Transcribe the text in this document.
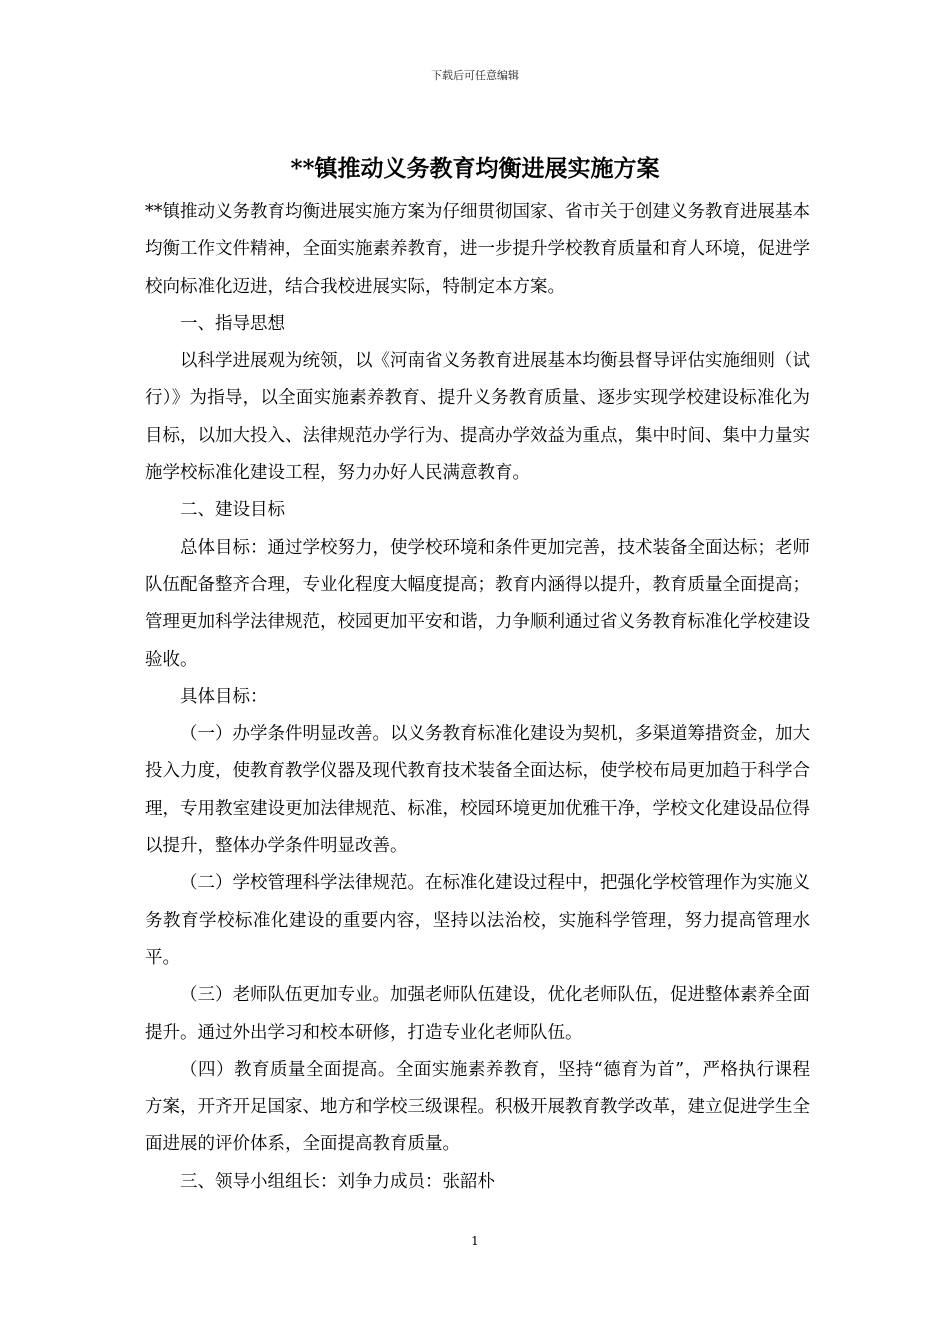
下载后可任意编辑
**镇推动义务教育均衡进展实施方案

**镇推动义务教育均衡进展实施方案为仔细贯彻国家、省市关于创建义务教育进展基本均衡工作文件精神，全面实施素养教育，进一步提升学校教育质量和育人环境，促进学校向标准化迈进，结合我校进展实际，特制定本方案。

一、指导思想

以科学进展观为统领，以《河南省义务教育进展基本均衡县督导评估实施细则（试行）》为指导，以全面实施素养教育、提升义务教育质量、逐步实现学校建设标准化为目标，以加大投入、法律规范办学行为、提高办学效益为重点，集中时间、集中力量实施学校标准化建设工程，努力办好人民满意教育。

二、建设目标

总体目标：通过学校努力，使学校环境和条件更加完善，技术装备全面达标；老师队伍配备整齐合理，专业化程度大幅度提高；教育内涵得以提升，教育质量全面提高；管理更加科学法律规范，校园更加平安和谐，力争顺利通过省义务教育标准化学校建设验收。

具体目标：

（一）办学条件明显改善。以义务教育标准化建设为契机，多渠道筹措资金，加大投入力度，使教育教学仪器及现代教育技术装备全面达标，使学校布局更加趋于科学合理，专用教室建设更加法律规范、标准，校园环境更加优雅干净，学校文化建设品位得以提升，整体办学条件明显改善。

（二）学校管理科学法律规范。在标准化建设过程中，把强化学校管理作为实施义务教育学校标准化建设的重要内容，坚持以法治校，实施科学管理，努力提高管理水平。

（三）老师队伍更加专业。加强老师队伍建设，优化老师队伍，促进整体素养全面提升。通过外出学习和校本研修，打造专业化老师队伍。

（四）教育质量全面提高。全面实施素养教育，坚持“德育为首”，严格执行课程方案，开齐开足国家、地方和学校三级课程。积极开展教育教学改革，建立促进学生全面进展的评价体系，全面提高教育质量。

三、领导小组组长：刘争力成员：张韶朴

1
